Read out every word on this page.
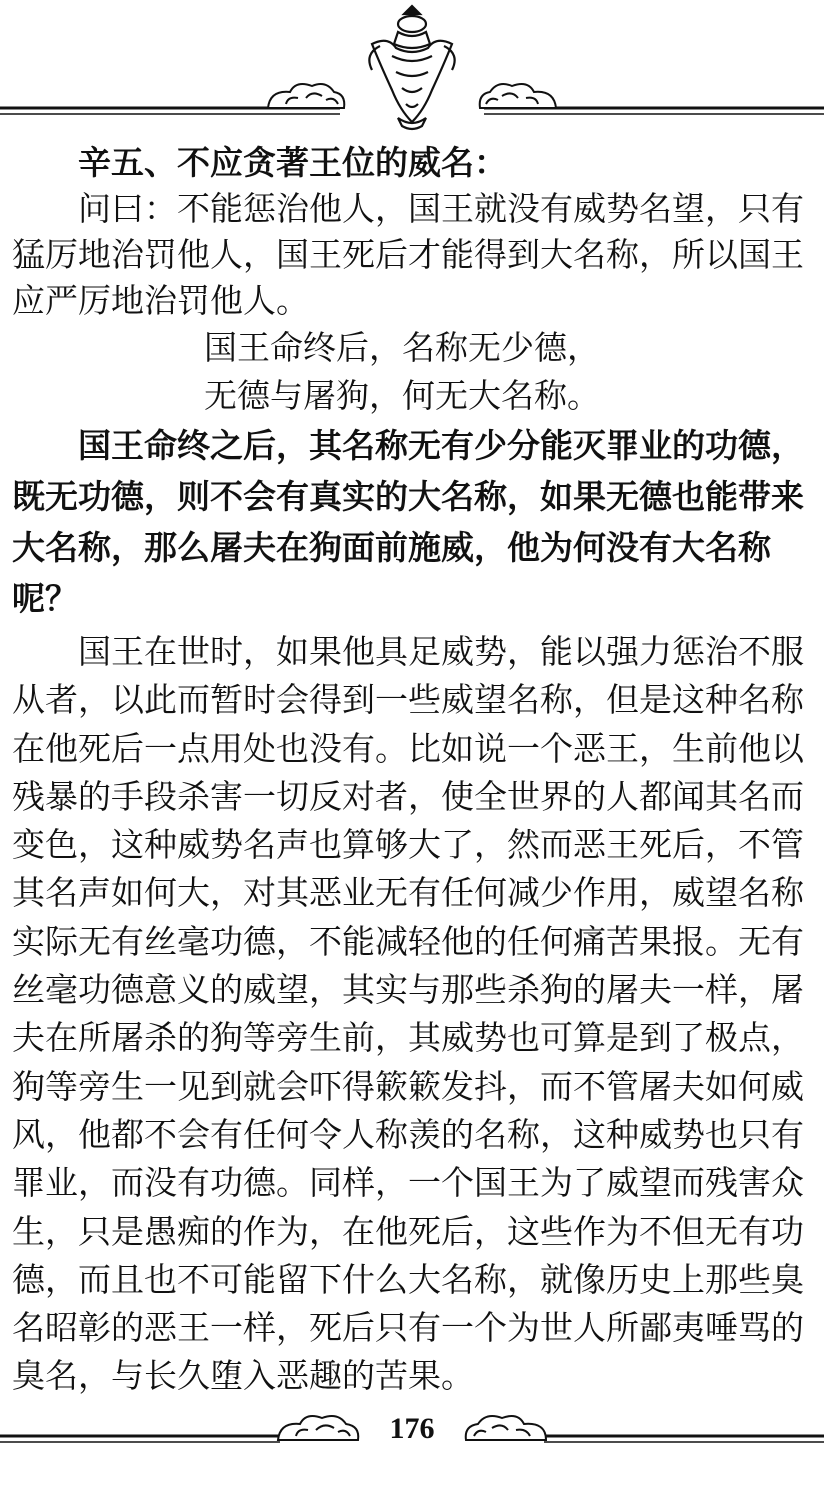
辛五、不应贪著王位的威名：
问曰：不能惩治他人，国王就没有威势名望，只有
猛厉地治罚他人，国王死后才能得到大名称，所以国王
应严厉地治罚他人。
国王命终后，名称无少德，
无德与屠狗，何无大名称。
国王命终之后，其名称无有少分能灭罪业的功德，
既无功德，则不会有真实的大名称，如果无德也能带来
大名称，那么屠夫在狗面前施威，他为何没有大名称
呢？
国王在世时，如果他具足威势，能以强力惩治不服
从者，以此而暂时会得到一些威望名称，但是这种名称
在他死后一点用处也没有。比如说一个恶王，生前他以
残暴的手段杀害一切反对者，使全世界的人都闻其名而
变色，这种威势名声也算够大了，然而恶王死后，不管
其名声如何大，对其恶业无有任何减少作用，威望名称
实际无有丝毫功德，不能减轻他的任何痛苦果报。无有
丝毫功德意义的威望，其实与那些杀狗的屠夫一样，屠
夫在所屠杀的狗等旁生前，其威势也可算是到了极点，
狗等旁生一见到就会吓得簌簌发抖，而不管屠夫如何威
风，他都不会有任何令人称羡的名称，这种威势也只有
罪业，而没有功德。同样，一个国王为了威望而残害众
生，只是愚痴的作为，在他死后，这些作为不但无有功
德，而且也不可能留下什么大名称，就像历史上那些臭
名昭彰的恶王一样，死后只有一个为世人所鄙夷唾骂的
臭名，与长久堕入恶趣的苦果。
176
